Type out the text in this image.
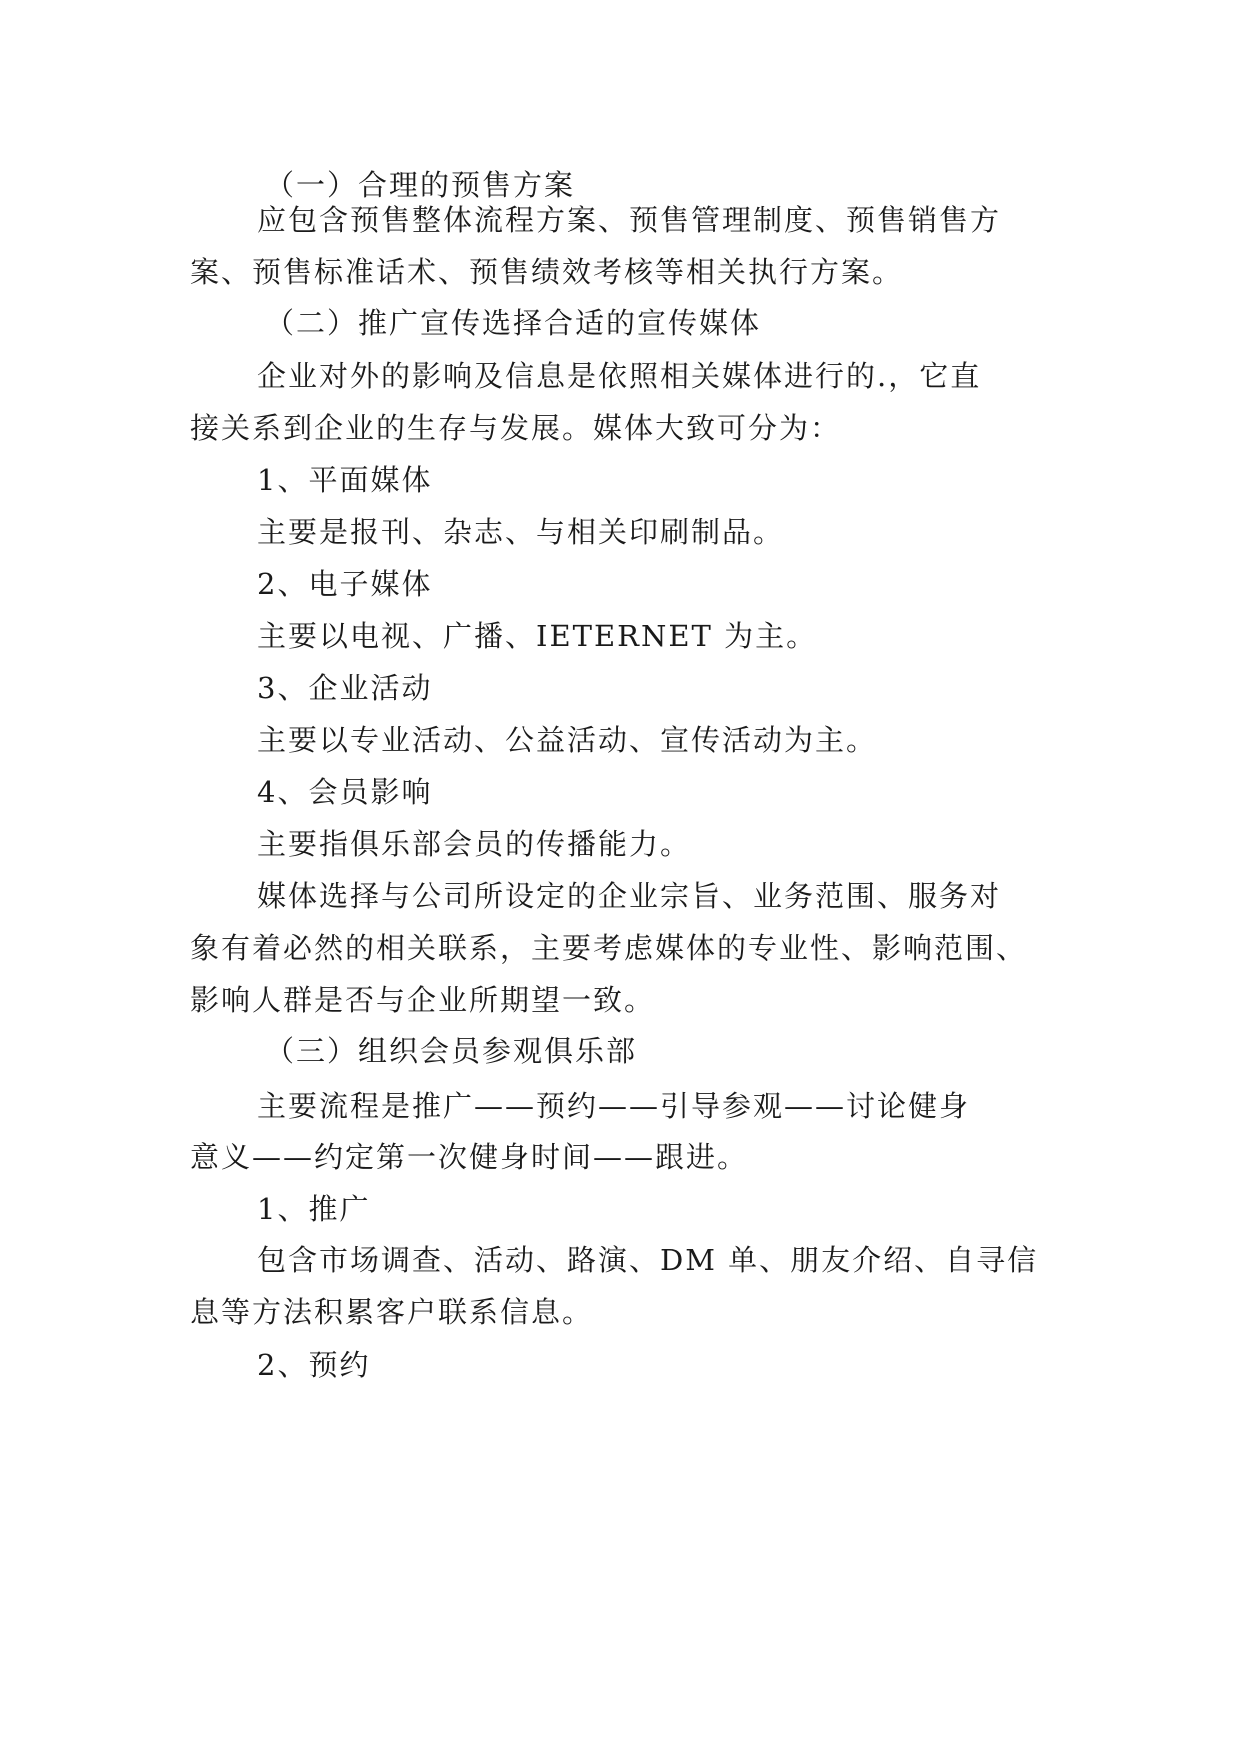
（一）合理的预售方案
应包含预售整体流程方案、预售管理制度、预售销售方
案、预售标准话术、预售绩效考核等相关执行方案。
（二）推广宣传选择合适的宣传媒体
企业对外的影响及信息是依照相关媒体进行的.，它直
接关系到企业的生存与发展。媒体大致可分为：
1、平面媒体
主要是报刊、杂志、与相关印刷制品。
2、电子媒体
主要以电视、广播、IETERNET 为主。
3、企业活动
主要以专业活动、公益活动、宣传活动为主。
4、会员影响
主要指俱乐部会员的传播能力。
媒体选择与公司所设定的企业宗旨、业务范围、服务对
象有着必然的相关联系，主要考虑媒体的专业性、影响范围、
影响人群是否与企业所期望一致。
（三）组织会员参观俱乐部
主要流程是推广——预约——引导参观——讨论健身
意义——约定第一次健身时间——跟进。
1、推广
包含市场调查、活动、路演、DM 单、朋友介绍、自寻信
息等方法积累客户联系信息。
2、预约
